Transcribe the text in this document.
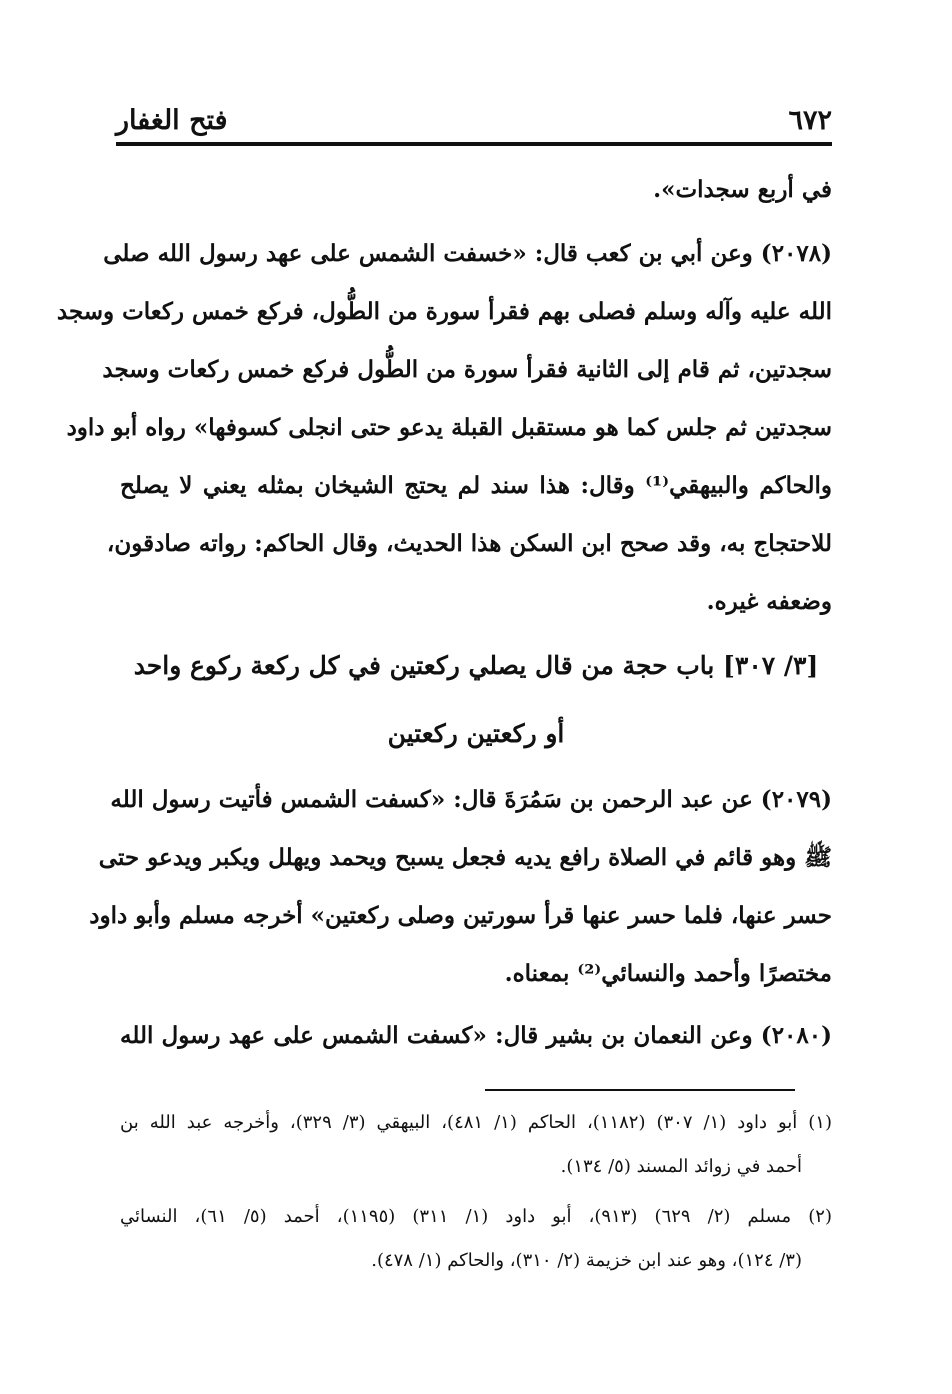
٦٧٢
فتح الغفار
في أربع سجدات».
(٢٠٧٨) وعن أبي بن كعب قال: «خسفت الشمس على عهد رسول الله صلى
الله عليه وآله وسلم فصلى بهم فقرأ سورة من الطُّول، فركع خمس ركعات وسجد
سجدتين، ثم قام إلى الثانية فقرأ سورة من الطُّول فركع خمس ركعات وسجد
سجدتين ثم جلس كما هو مستقبل القبلة يدعو حتى انجلى كسوفها» رواه أبو داود
والحاكم والبيهقي⁽¹⁾ وقال: هذا سند لم يحتج الشيخان بمثله يعني لا يصلح
للاحتجاج به، وقد صحح ابن السكن هذا الحديث، وقال الحاكم: رواته صادقون،
وضعفه غيره.
[٣/ ٣٠٧] باب حجة من قال يصلي ركعتين في كل ركعة ركوع واحد
أو ركعتين ركعتين
(٢٠٧٩) عن عبد الرحمن بن سَمُرَةَ قال: «كسفت الشمس فأتيت رسول الله
ﷺ وهو قائم في الصلاة رافع يديه فجعل يسبح ويحمد ويهلل ويكبر ويدعو حتى
حسر عنها، فلما حسر عنها قرأ سورتين وصلى ركعتين» أخرجه مسلم وأبو داود
مختصرًا وأحمد والنسائي⁽²⁾ بمعناه.
(٢٠٨٠) وعن النعمان بن بشير قال: «كسفت الشمس على عهد رسول الله
(١) أبو داود (١/ ٣٠٧) (١١٨٢)، الحاكم (١/ ٤٨١)، البيهقي (٣/ ٣٢٩)، وأخرجه عبد الله بن
أحمد في زوائد المسند (٥/ ١٣٤).
(٢) مسلم (٢/ ٦٢٩) (٩١٣)، أبو داود (١/ ٣١١) (١١٩٥)، أحمد (٥/ ٦١)، النسائي
(٣/ ١٢٤)، وهو عند ابن خزيمة (٢/ ٣١٠)، والحاكم (١/ ٤٧٨).
